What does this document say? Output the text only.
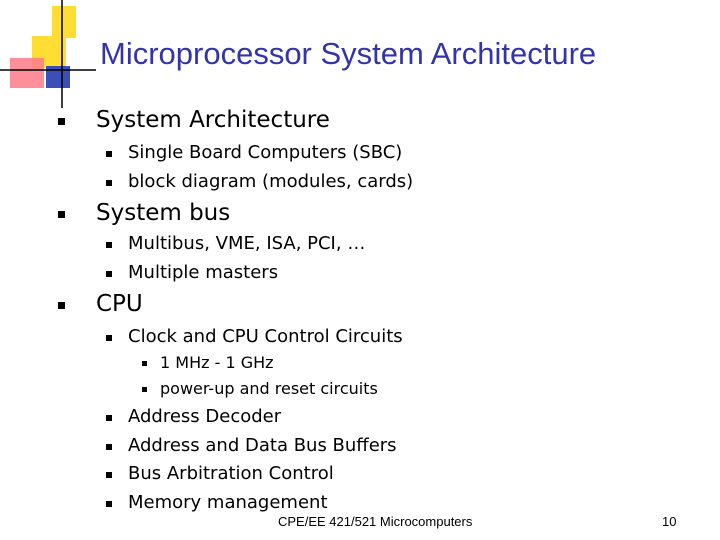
Microprocessor System Architecture
System Architecture
Single Board Computers (SBC)
block diagram (modules, cards)
System bus
Multibus, VME, ISA, PCI, …
Multiple masters
CPU
Clock and CPU Control Circuits
1 MHz - 1 GHz
power-up and reset circuits
Address Decoder
Address and Data Bus Buffers
Bus Arbitration Control
Memory management
CPE/EE 421/521 Microcomputers	10
